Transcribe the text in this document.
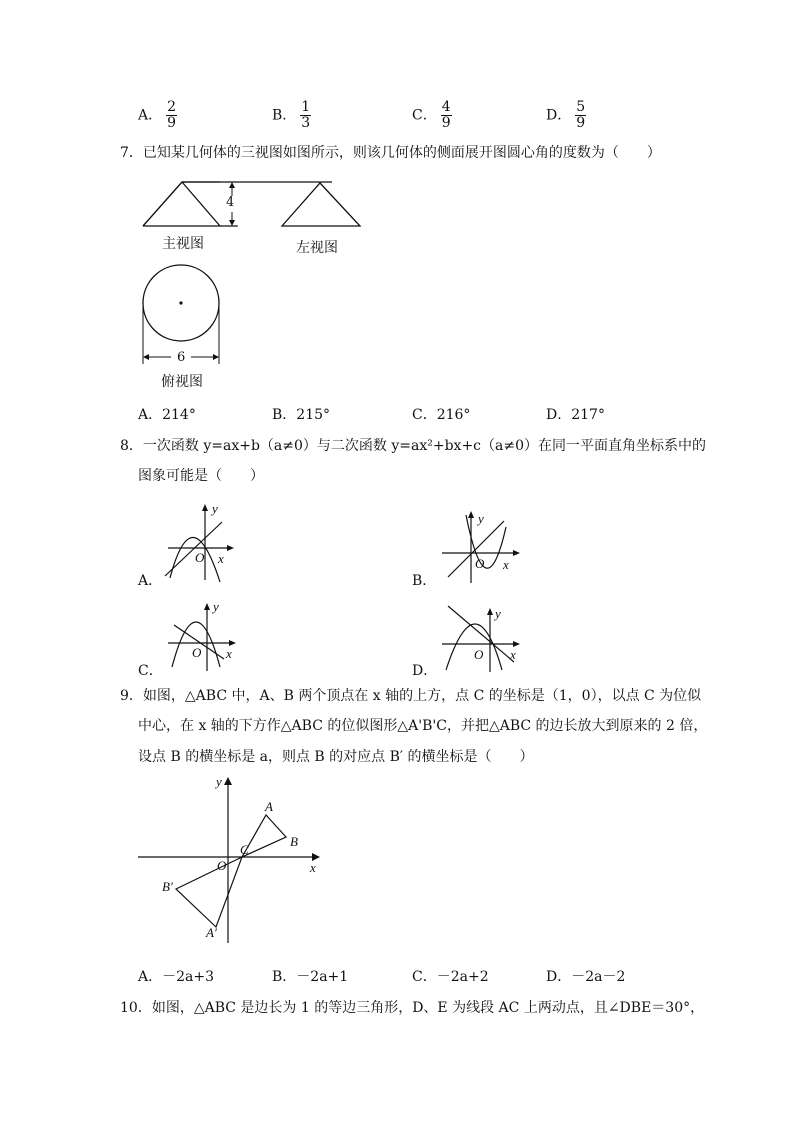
A． $\frac{2}{9}$	B． $\frac{1}{3}$	C． $\frac{4}{9}$	D． $\frac{5}{9}$
7．已知某几何体的三视图如图所示，则该几何体的侧面展开图圆心角的度数为（　　）
4
主视图	左视图
6
俯视图
A．214°	B．215°	C．216°	D．217°
8．一次函数 y=ax+b（a≠0）与二次函数 y=ax²+bx+c（a≠0）在同一平面直角坐标系中的
图象可能是（　　）
A．
y
x
O
B．
y
x
O
C．
y
x
O
D．
y
x
O
9．如图，△ABC 中，A、B 两个顶点在 x 轴的上方，点 C 的坐标是（1，0），以点 C 为位似
中心，在 x 轴的下方作△ABC 的位似图形△A'B'C，并把△ABC 的边长放大到原来的 2 倍，
设点 B 的横坐标是 a，则点 B 的对应点 B′ 的横坐标是（　　）
y
x
O
C
A
B
B′
A′
A．－2a+3	B．－2a+1	C．－2a+2	D．－2a－2
10．如图，△ABC 是边长为 1 的等边三角形，D、E 为线段 AC 上两动点，且∠DBE＝30°，
